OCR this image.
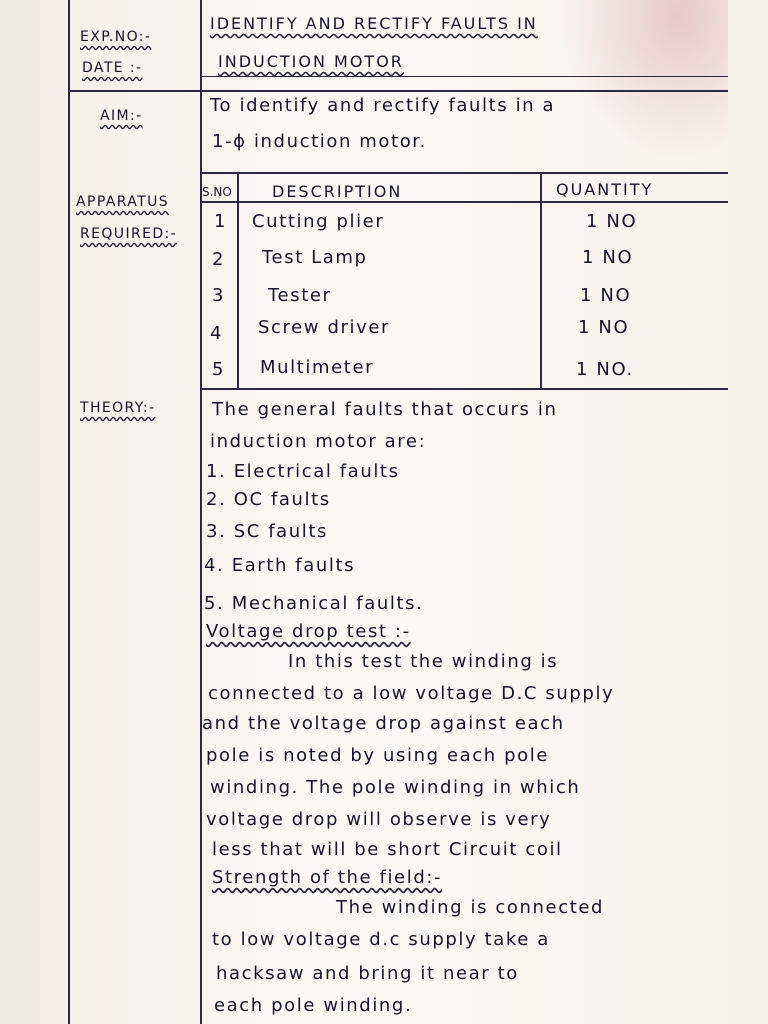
EXP.NO:-
DATE :-
IDENTIFY AND RECTIFY FAULTS IN
INDUCTION MOTOR
AIM:-	To identify and rectify faults in a
1-ϕ induction motor.
APPARATUS
REQUIRED:-
S.NO	DESCRIPTION	QUANTITY
1 Cutting plier	1 NO
2 Test Lamp	1 NO
3 Tester	1 NO
4 Screw driver	1 NO
5 Multimeter	1 NO.
THEORY:-	The general faults that occurs in
induction motor are:
1. Electrical faults
2. OC faults
3. SC faults
4. Earth faults
5. Mechanical faults.
Voltage drop test :-
In this test the winding is
connected to a low voltage D.C supply
and the voltage drop against each
pole is noted by using each pole
winding. The pole winding in which
voltage drop will observe is very
less that will be short Circuit coil
Strength of the field:-
The winding is connected
to low voltage d.c supply take a
hacksaw and bring it near to
each pole winding.
